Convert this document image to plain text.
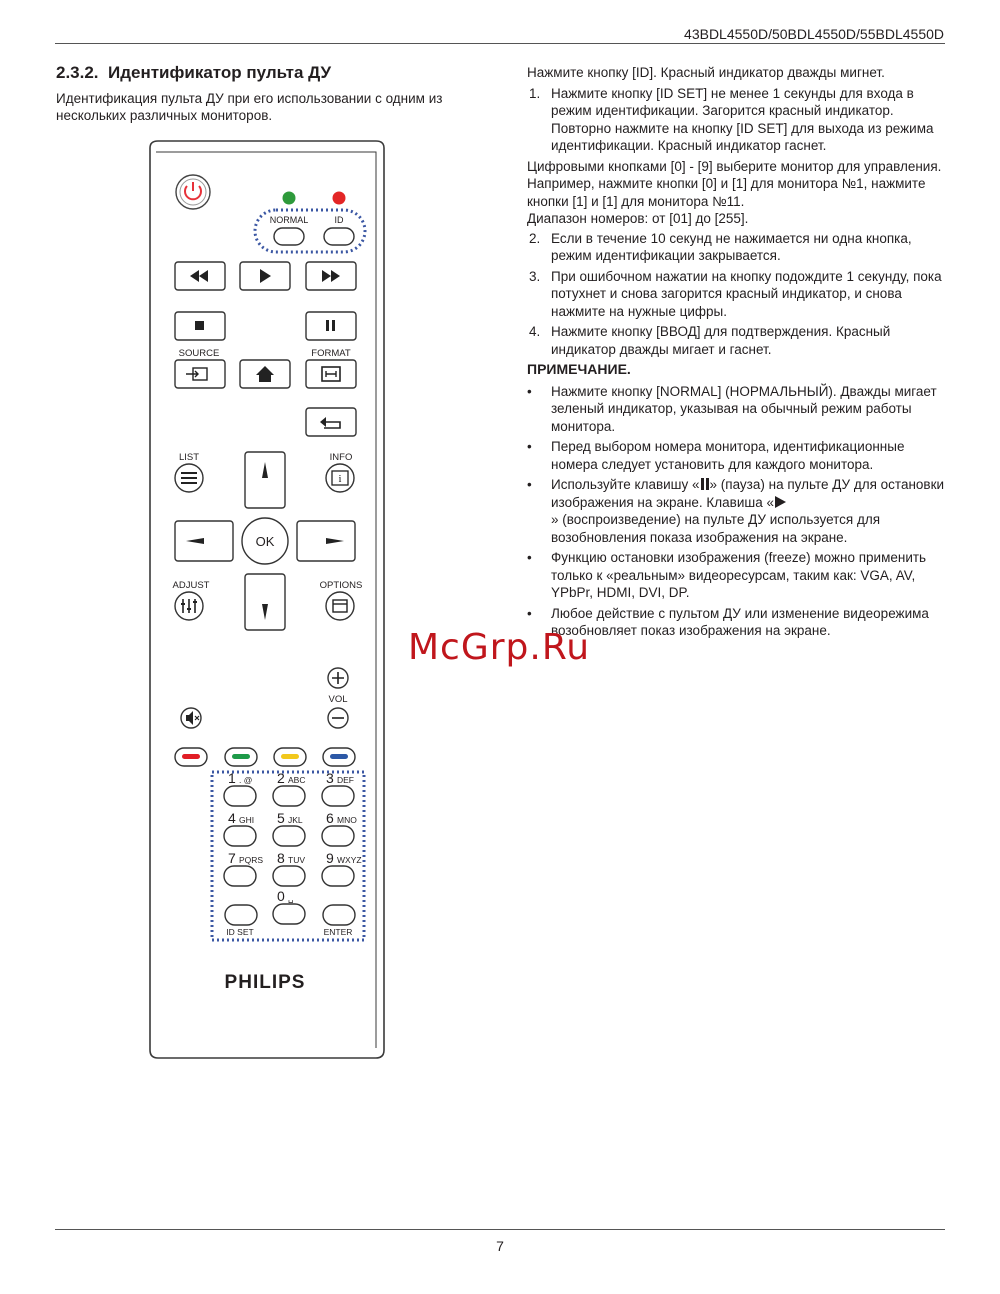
43BDL4550D/50BDL4550D/55BDL4550D
2.3.2.  Идентификатор пульта ДУ
Идентификация пульта ДУ при его использовании с одним из нескольких различных мониторов.
NORMAL	ID
SOURCE	FORMAT
LIST	INFO
i
OK
ADJUST	OPTIONS
VOL
1 . @ 2 ABC 3 DEF
4 GHI 5 JKL 6 MNO
7 PQRS 8 TUV 9 WXYZ
0 ␣
ID SET	ENTER
PHILIPS

Нажмите кнопку [ID]. Красный индикатор дважды мигнет.

1. Нажмите кнопку [ID SET] не менее 1 секунды для входа в режим идентификации. Загорится красный индикатор. Повторно нажмите на кнопку [ID SET] для выхода из режима идентификации. Красный индикатор гаснет.

Цифровыми кнопками [0] - [9] выберите монитор для управления.

Например, нажмите кнопки [0] и [1] для монитора №1, нажмите кнопки [1] и [1] для монитора №11.

Диапазон номеров: от [01] до [255].

2. Если в течение 10 секунд не нажимается ни одна кнопка, режим идентификации закрывается.
3. При ошибочном нажатии на кнопку подождите 1 секунду, пока потухнет и снова загорится красный индикатор, и снова нажмите на нужные цифры.
4. Нажмите кнопку [ВВОД] для подтверждения. Красный индикатор дважды мигает и гаснет.
ПРИМЕЧАНИЕ.
• Нажмите кнопку [NORMAL] (НОРМАЛЬНЫЙ). Дважды мигает зеленый индикатор, указывая на обычный режим работы монитора.
• Перед выбором номера монитора, идентификационные номера следует установить для каждого монитора.
• Используйте клавишу « » (пауза) на пульте ДУ для остановки изображения на экране. Клавиша «
» (воспроизведение) на пульте ДУ используется для возобновления показа изображения на экране.
• Функцию остановки изображения (freeze) можно применить только к «реальным» видеоресурсам, таким как: VGA, AV, YPbPr, HDMI, DVI, DP.
• Любое действие с пультом ДУ или изменение видеорежима возобновляет показ изображения на экране.
McGrp.Ru
7
